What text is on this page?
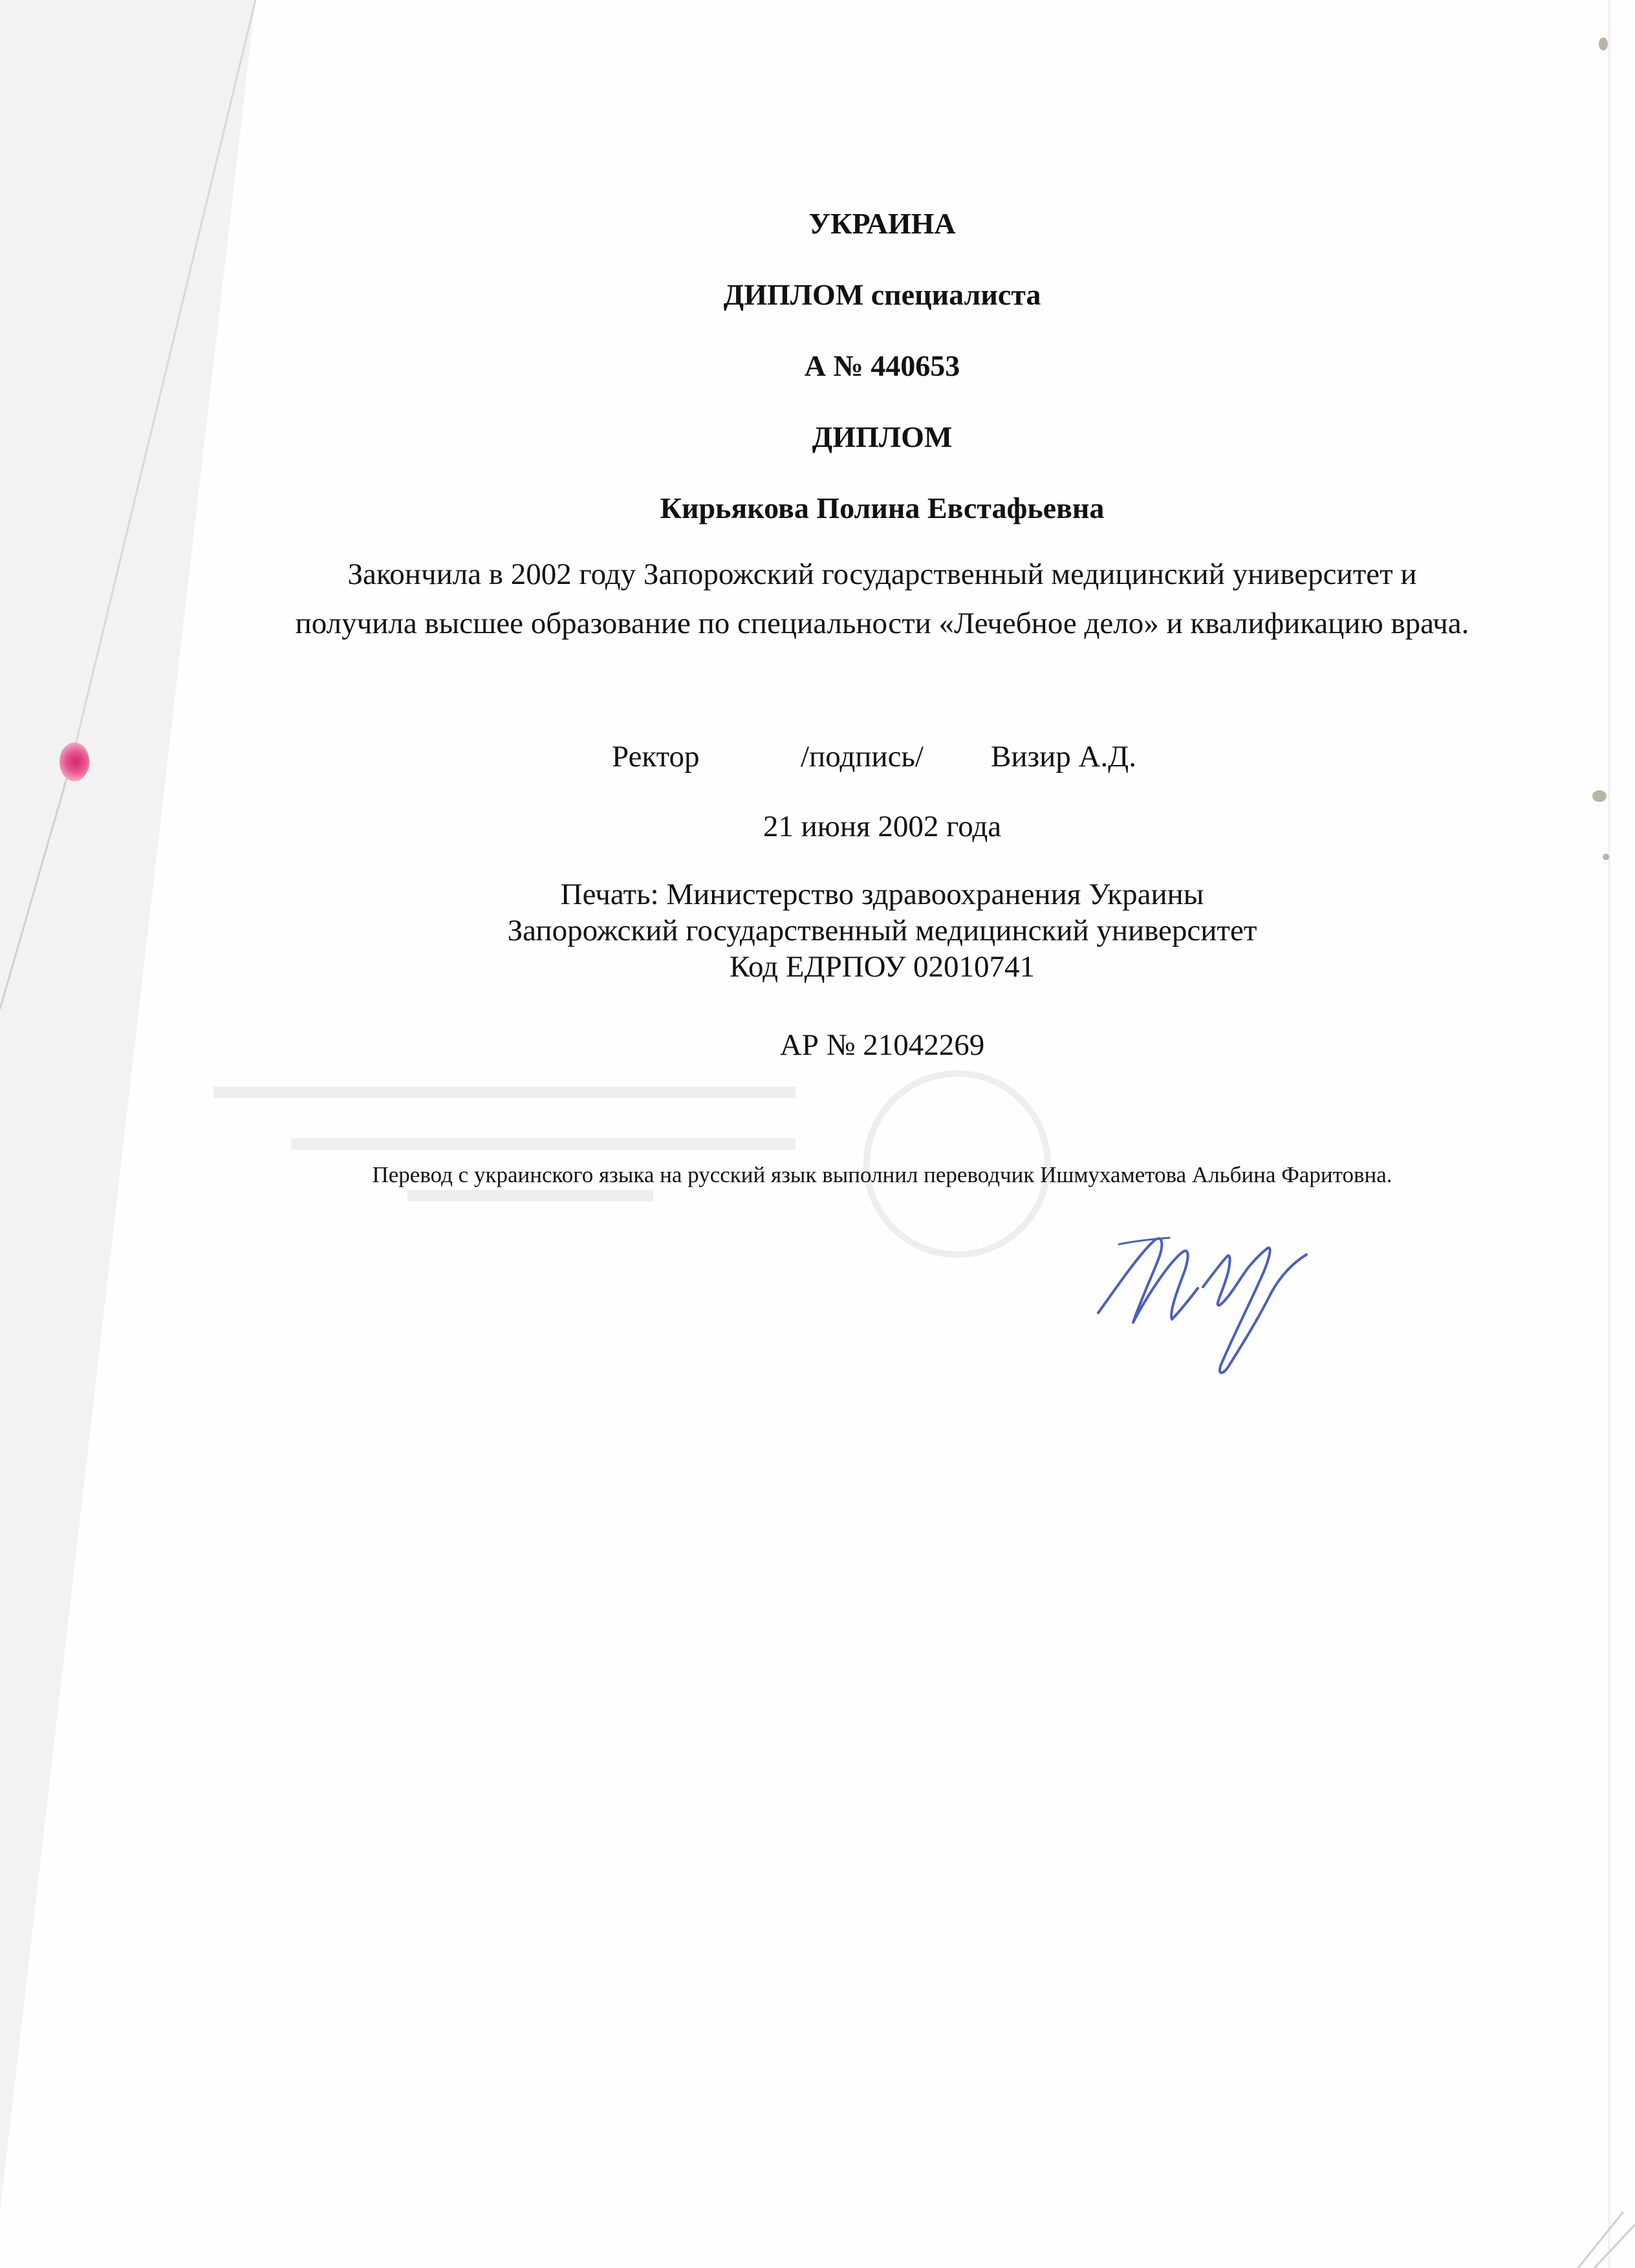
УКРАИНА
ДИПЛОМ специалиста
А № 440653
ДИПЛОМ
Кирьякова Полина Евстафьевна
Закончила в 2002 году Запорожский государственный медицинский университет и
получила высшее образование по специальности «Лечебное дело» и квалификацию врача.
Ректор	/подпись/ Визир А.Д.
21 июня 2002 года
Печать: Министерство здравоохранения Украины
Запорожский государственный медицинский университет
Код ЕДРПОУ 02010741
АР № 21042269
Перевод с украинского языка на русский язык выполнил переводчик Ишмухаметова Альбина Фаритовна.
